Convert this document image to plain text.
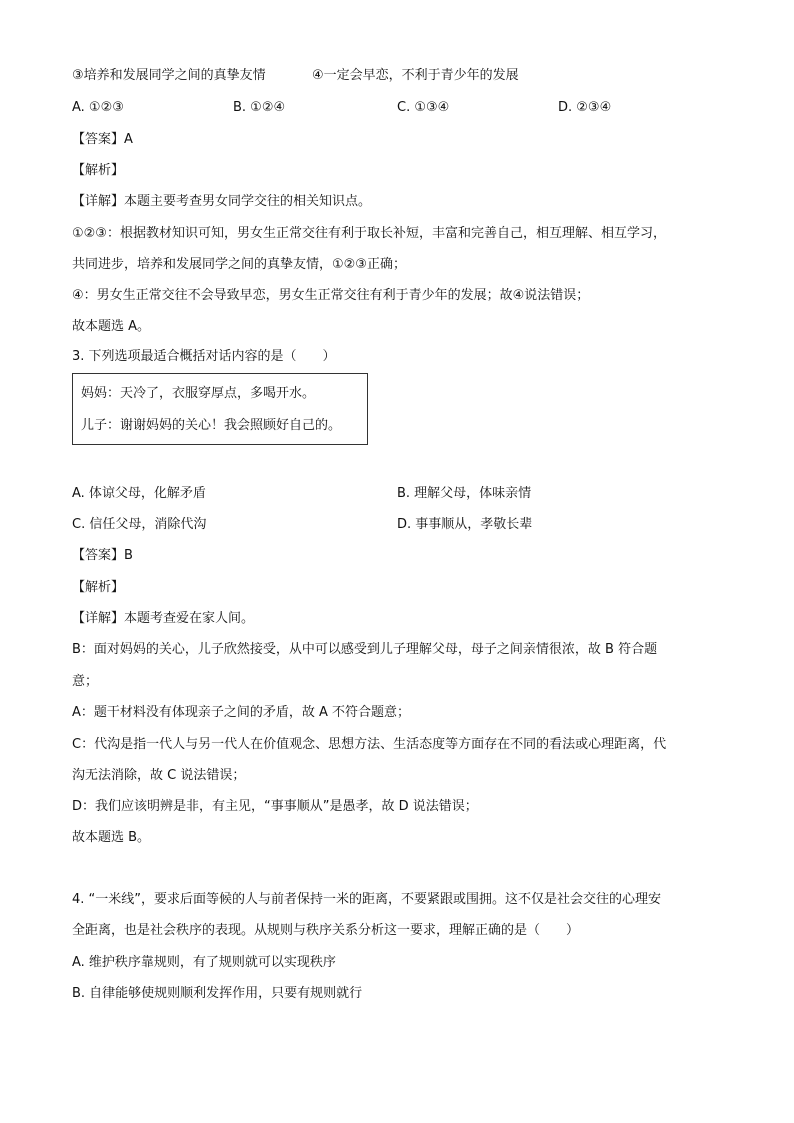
③培养和发展同学之间的真挚友情	④一定会早恋，不利于青少年的发展
A. ①②③	B. ①②④	C. ①③④	D. ②③④
【答案】A
【解析】
【详解】本题主要考查男女同学交往的相关知识点。
①②③：根据教材知识可知，男女生正常交往有利于取长补短，丰富和完善自己，相互理解、相互学习，
共同进步，培养和发展同学之间的真挚友情，①②③正确；
④：男女生正常交往不会导致早恋，男女生正常交往有利于青少年的发展；故④说法错误；
故本题选 A。
3. 下列选项最适合概括对话内容的是（　　）
妈妈：天冷了，衣服穿厚点，多喝开水。
儿子：谢谢妈妈的关心！我会照顾好自己的。
A. 体谅父母，化解矛盾	B. 理解父母，体味亲情
C. 信任父母，消除代沟	D. 事事顺从，孝敬长辈
【答案】B
【解析】
【详解】本题考查爱在家人间。
B：面对妈妈的关心，儿子欣然接受，从中可以感受到儿子理解父母，母子之间亲情很浓，故 B 符合题
意；
A：题干材料没有体现亲子之间的矛盾，故 A 不符合题意；
C：代沟是指一代人与另一代人在价值观念、思想方法、生活态度等方面存在不同的看法或心理距离，代
沟无法消除，故 C 说法错误；
D：我们应该明辨是非，有主见，“事事顺从”是愚孝，故 D 说法错误；
故本题选 B。
4. “一米线”，要求后面等候的人与前者保持一米的距离，不要紧跟或围拥。这不仅是社会交往的心理安
全距离，也是社会秩序的表现。从规则与秩序关系分析这一要求，理解正确的是（　　）
A. 维护秩序靠规则，有了规则就可以实现秩序
B. 自律能够使规则顺利发挥作用，只要有规则就行
